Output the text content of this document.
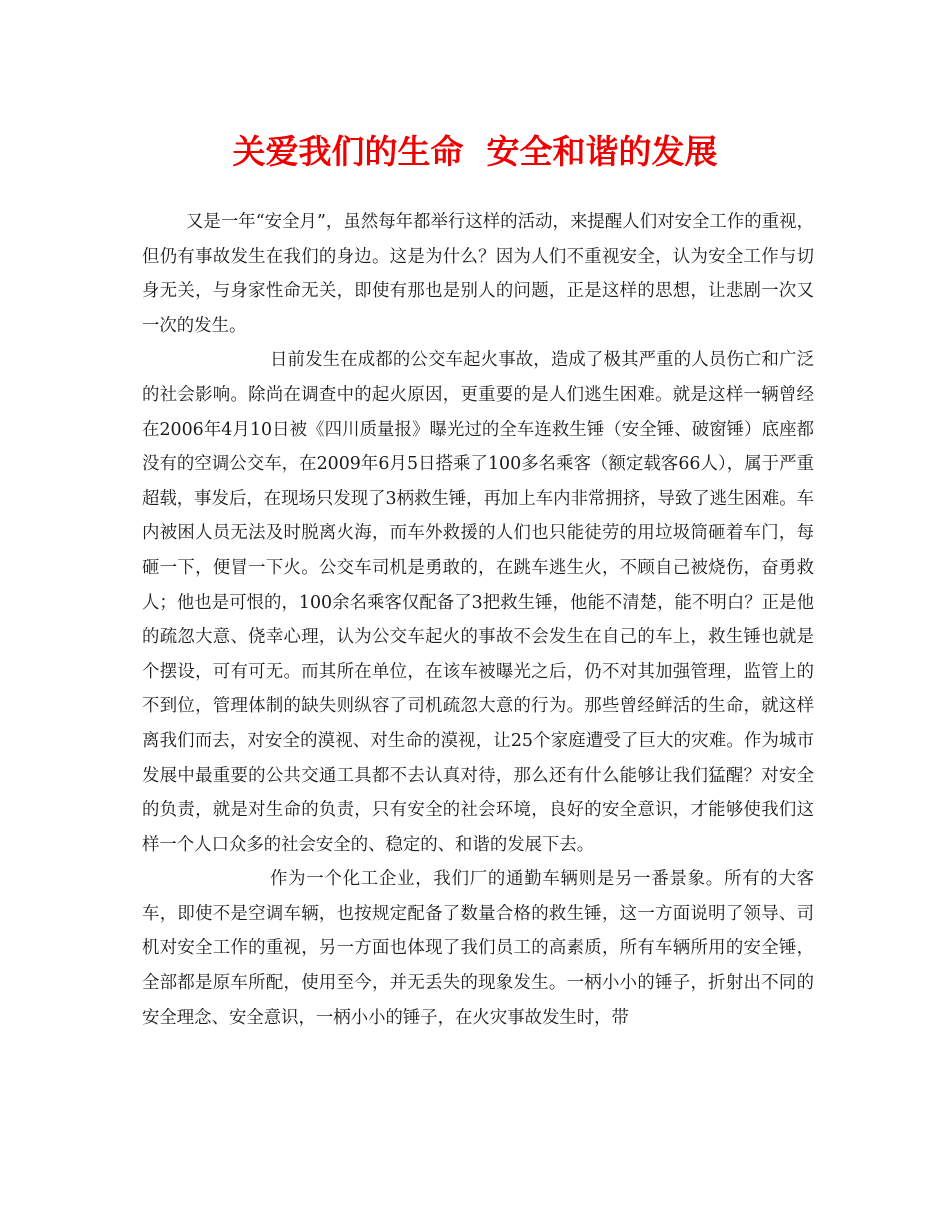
关爱我们的生命  安全和谐的发展

又是一年“安全月”，虽然每年都举行这样的活动，来提醒人们对安全工作的重视，但仍有事故发生在我们的身边。这是为什么？因为人们不重视安全，认为安全工作与切身无关，与身家性命无关，即使有那也是别人的问题，正是这样的思想，让悲剧一次又一次的发生。

日前发生在成都的公交车起火事故，造成了极其严重的人员伤亡和广泛的社会影响。除尚在调查中的起火原因，更重要的是人们逃生困难。就是这样一辆曾经在2006年4月10日被《四川质量报》曝光过的全车连救生锤（安全锤、破窗锤）底座都没有的空调公交车，在2009年6月5日搭乘了100多名乘客（额定载客66人），属于严重超载，事发后，在现场只发现了3柄救生锤，再加上车内非常拥挤，导致了逃生困难。车内被困人员无法及时脱离火海，而车外救援的人们也只能徒劳的用垃圾筒砸着车门，每砸一下，便冒一下火。公交车司机是勇敢的，在跳车逃生火，不顾自己被烧伤，奋勇救人；他也是可恨的，100余名乘客仅配备了3把救生锤，他能不清楚，能不明白？正是他的疏忽大意、侥幸心理，认为公交车起火的事故不会发生在自己的车上，救生锤也就是个摆设，可有可无。而其所在单位，在该车被曝光之后，仍不对其加强管理，监管上的不到位，管理体制的缺失则纵容了司机疏忽大意的行为。那些曾经鲜活的生命，就这样离我们而去，对安全的漠视、对生命的漠视，让25个家庭遭受了巨大的灾难。作为城市发展中最重要的公共交通工具都不去认真对待，那么还有什么能够让我们猛醒？对安全的负责，就是对生命的负责，只有安全的社会环境，良好的安全意识，才能够使我们这样一个人口众多的社会安全的、稳定的、和谐的发展下去。

作为一个化工企业，我们厂的通勤车辆则是另一番景象。所有的大客车，即使不是空调车辆，也按规定配备了数量合格的救生锤，这一方面说明了领导、司机对安全工作的重视，另一方面也体现了我们员工的高素质，所有车辆所用的安全锤，全部都是原车所配，使用至今，并无丢失的现象发生。一柄小小的锤子，折射出不同的安全理念、安全意识，一柄小小的锤子，在火灾事故发生时，带
